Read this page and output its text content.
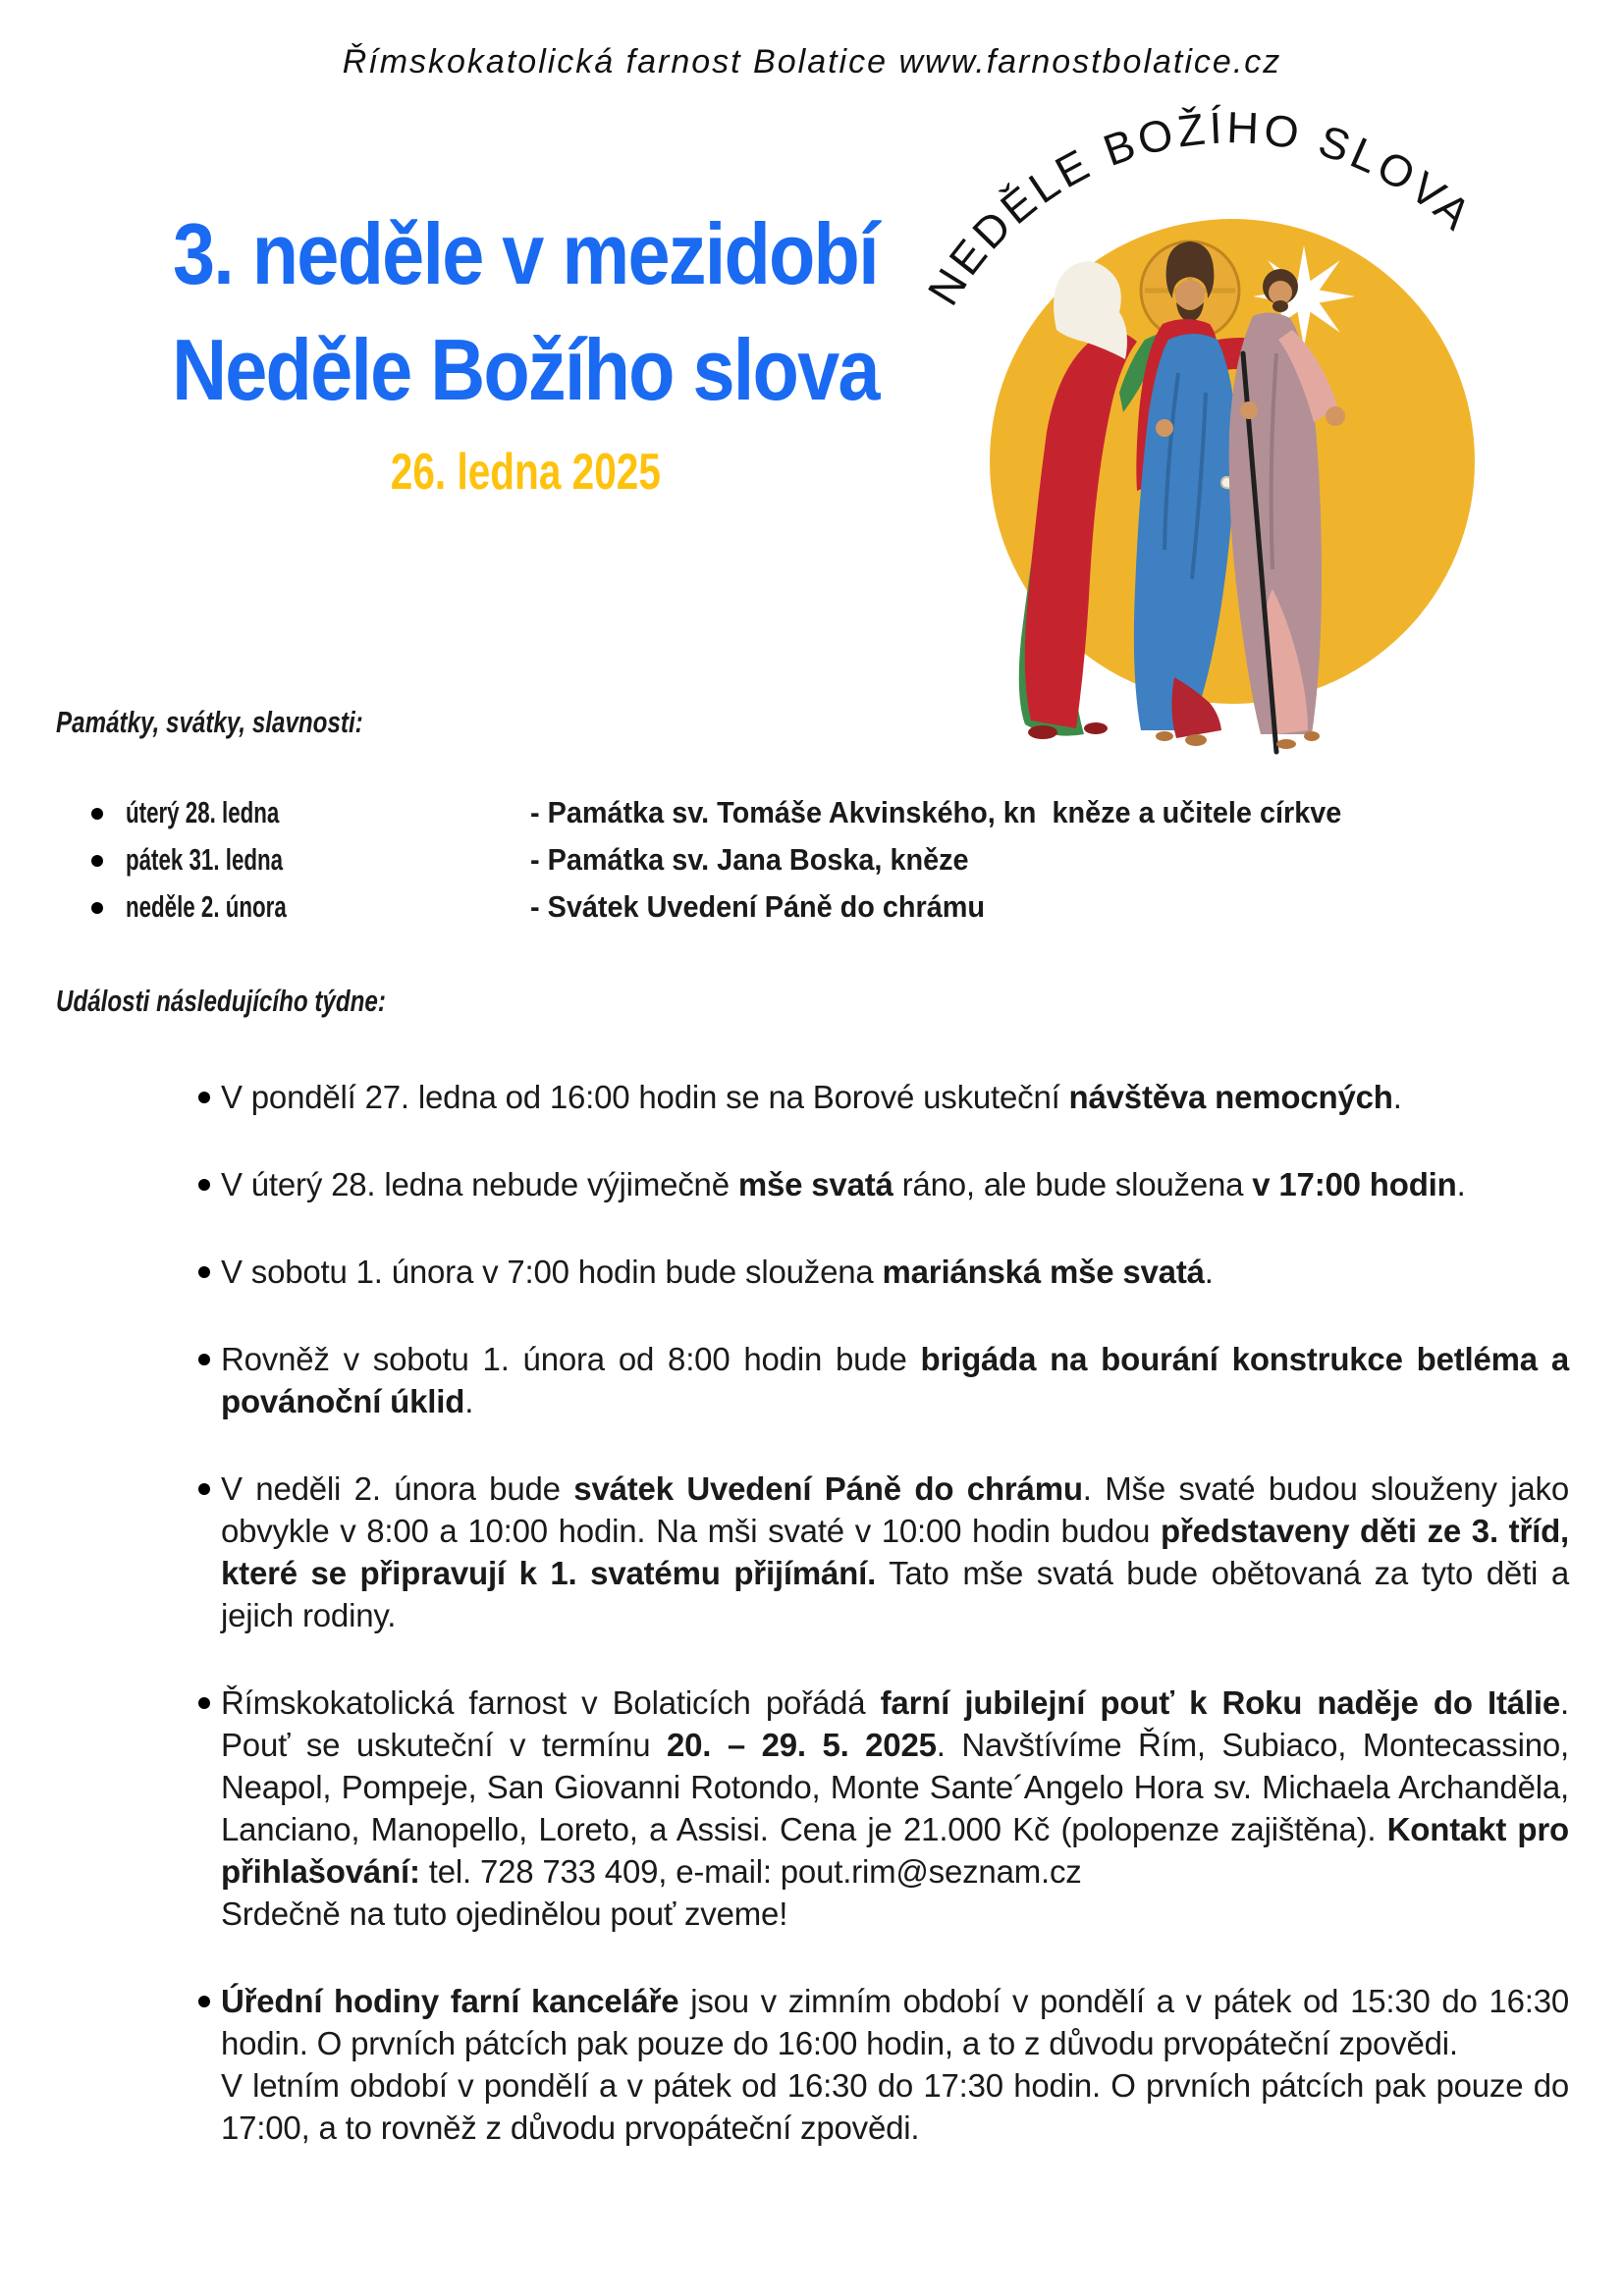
Římskokatolická farnost Bolatice www.farnostbolatice.cz
3. neděle v mezidobí
Neděle Božího slova
26. ledna 2025
NEDĚLE BOŽÍHO SLOVA
Památky, svátky, slavnosti:
úterý 28. ledna	- Památka sv. Tomáše Akvinského, kn  kněze a učitele církve
pátek 31. ledna	- Památka sv. Jana Boska, kněze
neděle 2. února	- Svátek Uvedení Páně do chrámu
Události následujícího týdne:
V pondělí 27. ledna od 16:00 hodin se na Borové uskuteční návštěva nemocných.
V úterý 28. ledna nebude výjimečně mše svatá ráno, ale bude sloužena v 17:00 hodin.
V sobotu 1. února v 7:00 hodin bude sloužena mariánská mše svatá.
Rovněž v sobotu 1. února od 8:00 hodin bude brigáda na bourání konstrukce betléma a povánoční úklid.
V neděli 2. února bude svátek Uvedení Páně do chrámu. Mše svaté budou slouženy jako obvykle v 8:00 a 10:00 hodin. Na mši svaté v 10:00 hodin budou představeny děti ze 3. tříd, které se připravují k 1. svatému přijímání. Tato mše svatá bude obětovaná za tyto děti a jejich rodiny.
Římskokatolická farnost v Bolaticích pořádá farní jubilejní pouť k Roku naděje do Itálie. Pouť se uskuteční v termínu 20. – 29. 5. 2025. Navštívíme Řím, Subiaco, Montecassino, Neapol, Pompeje, San Giovanni Rotondo, Monte Sante´Angelo Hora sv. Michaela Archanděla, Lanciano, Manopello, Loreto, a Assisi. Cena je 21.000 Kč (polopenze zajištěna). Kontakt pro přihlašování: tel. 728 733 409, e-mail: pout.rim@seznam.cz
Srdečně na tuto ojedinělou pouť zveme!
Úřední hodiny farní kanceláře jsou v zimním období v pondělí a v pátek od 15:30 do 16:30 hodin. O prvních pátcích pak pouze do 16:00 hodin, a to z důvodu prvopáteční zpovědi.
V letním období v pondělí a v pátek od 16:30 do 17:30 hodin. O prvních pátcích pak pouze do 17:00, a to rovněž z důvodu prvopáteční zpovědi.
